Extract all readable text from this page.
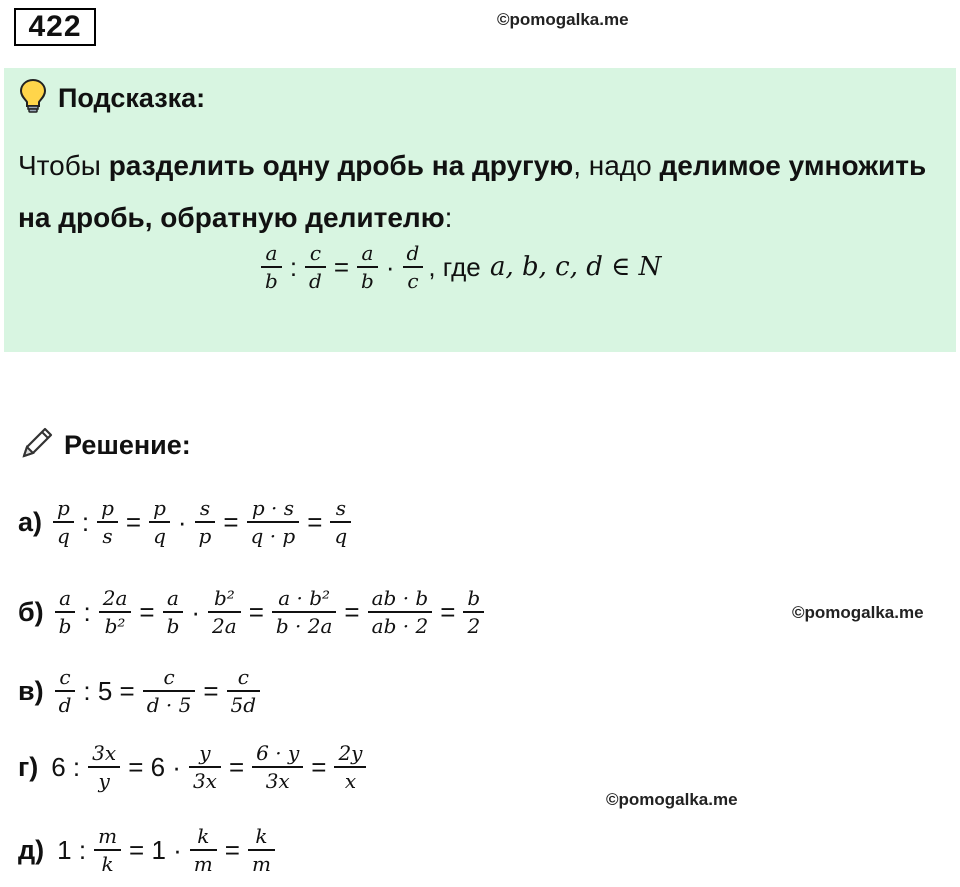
422	©pomogalka.me
Подсказка:
Чтобы разделить одну дробь на другую, надо делимое умножить на дробь, обратную делителю:
$\frac{a}{b}$ : $\frac{c}{d} = \frac{a}{b} \cdot \frac{d}{c}$ , где a, b, c, d ∈ N
Решение:
$а) \frac{p}{q}$ : $\frac{p}{s} = \frac{p}{q} \cdot \frac{s}{p} = \frac{p \cdot s}{q \cdot p} = \frac{s}{q}$
$б) \frac{a}{b}$ : $\frac{2a}{\text{b²}} = \frac{a}{b} \cdot \frac{\text{b²}}{2a} = \frac{\text{a · b²}}{b \cdot 2a} = \frac{ab \cdot b}{ab \cdot 2} = \frac{b}{2}$
$в) \frac{c}{d}$ : $5 = \frac{c}{d \cdot 5} = \frac{c}{5d}$
г) 6 : $\frac{3x}{y} = 6 \cdot \frac{y}{3x} = \frac{6 \cdot y}{3x} = \frac{2y}{x}$
д) 1 : $\frac{m}{k} = 1 \cdot \frac{k}{m} = \frac{k}{m}$
©pomogalka.me
©pomogalka.me
